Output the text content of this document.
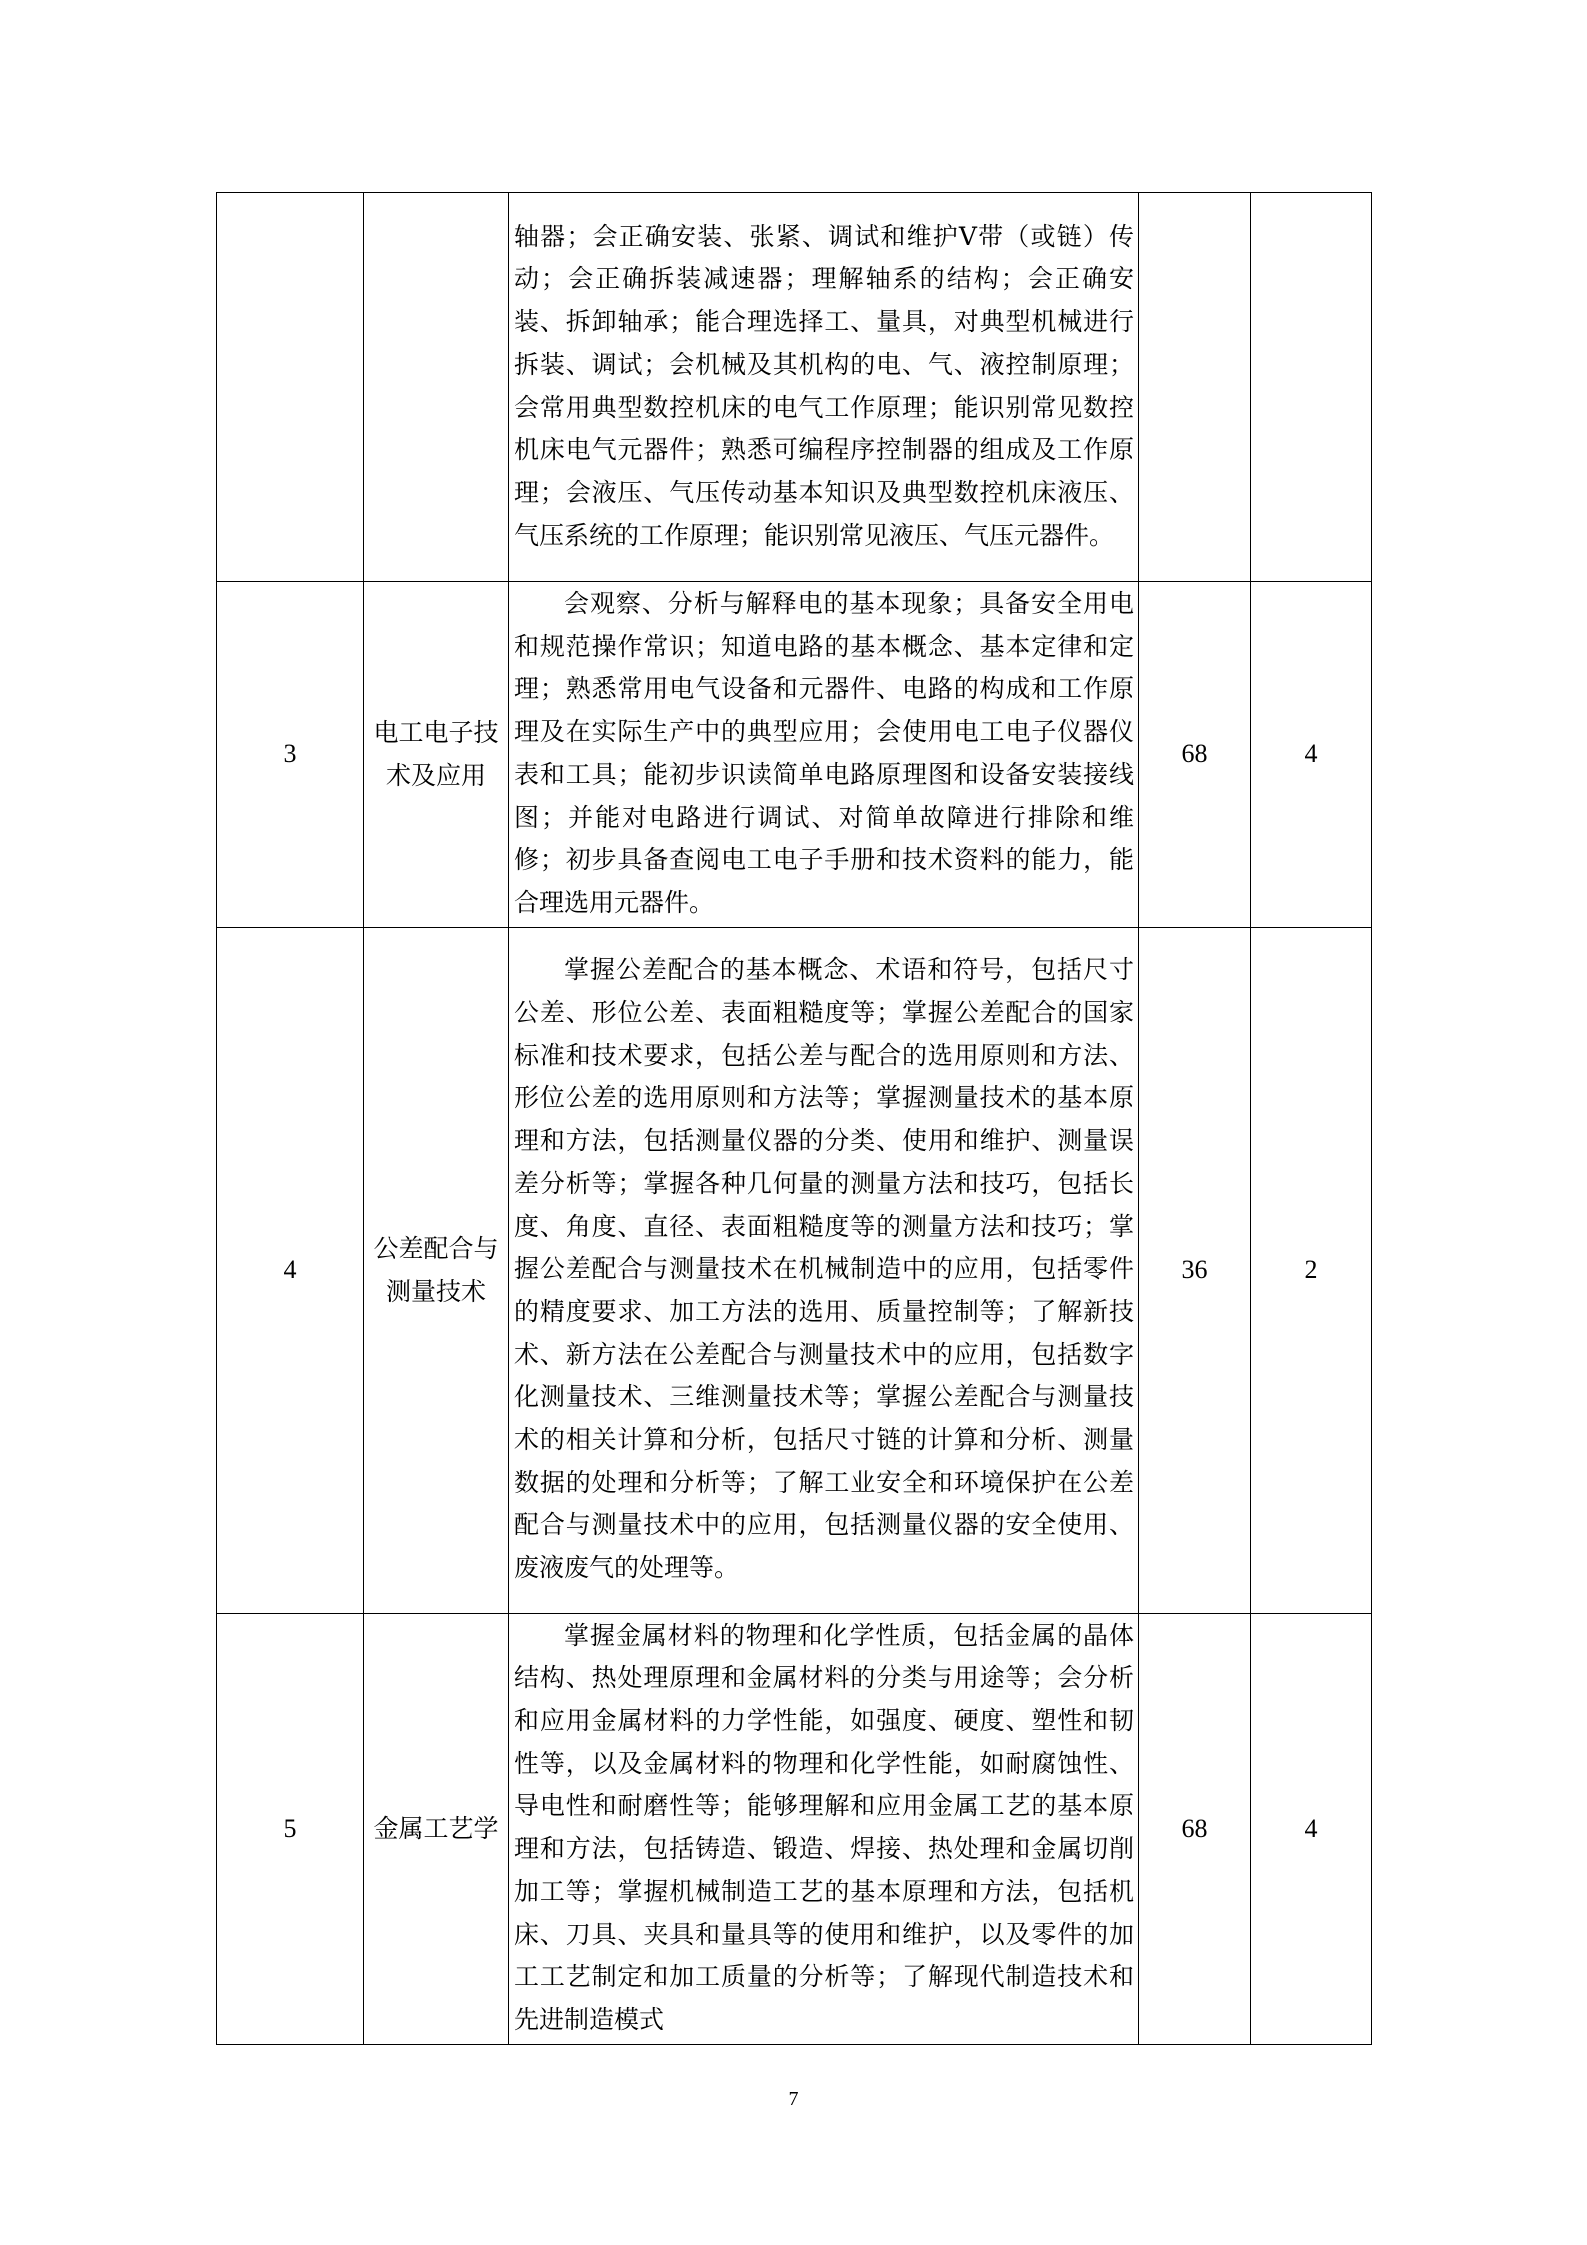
		轴器；会正确安装、张紧、调试和维护V带（或链）传动；会正确拆装减速器；理解轴系的结构；会正确安装、拆卸轴承；能合理选择工、量具，对典型机械进行拆装、调试；会机械及其机构的电、气、液控制原理；会常用典型数控机床的电气工作原理；能识别常见数控机床电气元器件；熟悉可编程序控制器的组成及工作原理；会液压、气压传动基本知识及典型数控机床液压、气压系统的工作原理；能识别常见液压、气压元器件。		

3	电工电子技术及应用	会观察、分析与解释电的基本现象；具备安全用电和规范操作常识；知道电路的基本概念、基本定律和定理；熟悉常用电气设备和元器件、电路的构成和工作原理及在实际生产中的典型应用；会使用电工电子仪器仪表和工具；能初步识读简单电路原理图和设备安装接线图；并能对电路进行调试、对简单故障进行排除和维修；初步具备查阅电工电子手册和技术资料的能力，能合理选用元器件。	68	4
4	公差配合与测量技术	掌握公差配合的基本概念、术语和符号，包括尺寸公差、形位公差、表面粗糙度等；掌握公差配合的国家标准和技术要求，包括公差与配合的选用原则和方法、形位公差的选用原则和方法等；掌握测量技术的基本原理和方法，包括测量仪器的分类、使用和维护、测量误差分析等；掌握各种几何量的测量方法和技巧，包括长度、角度、直径、表面粗糙度等的测量方法和技巧；掌握公差配合与测量技术在机械制造中的应用，包括零件的精度要求、加工方法的选用、质量控制等；了解新技术、新方法在公差配合与测量技术中的应用，包括数字化测量技术、三维测量技术等；掌握公差配合与测量技术的相关计算和分析，包括尺寸链的计算和分析、测量数据的处理和分析等；了解工业安全和环境保护在公差配合与测量技术中的应用，包括测量仪器的安全使用、废液废气的处理等。	36	2
5	金属工艺学	掌握金属材料的物理和化学性质，包括金属的晶体结构、热处理原理和金属材料的分类与用途等；会分析和应用金属材料的力学性能，如强度、硬度、塑性和韧性等，以及金属材料的物理和化学性能，如耐腐蚀性、导电性和耐磨性等；能够理解和应用金属工艺的基本原理和方法，包括铸造、锻造、焊接、热处理和金属切削加工等；掌握机械制造工艺的基本原理和方法，包括机床、刀具、夹具和量具等的使用和维护，以及零件的加工工艺制定和加工质量的分析等；了解现代制造技术和先进制造模式	68	4
7
